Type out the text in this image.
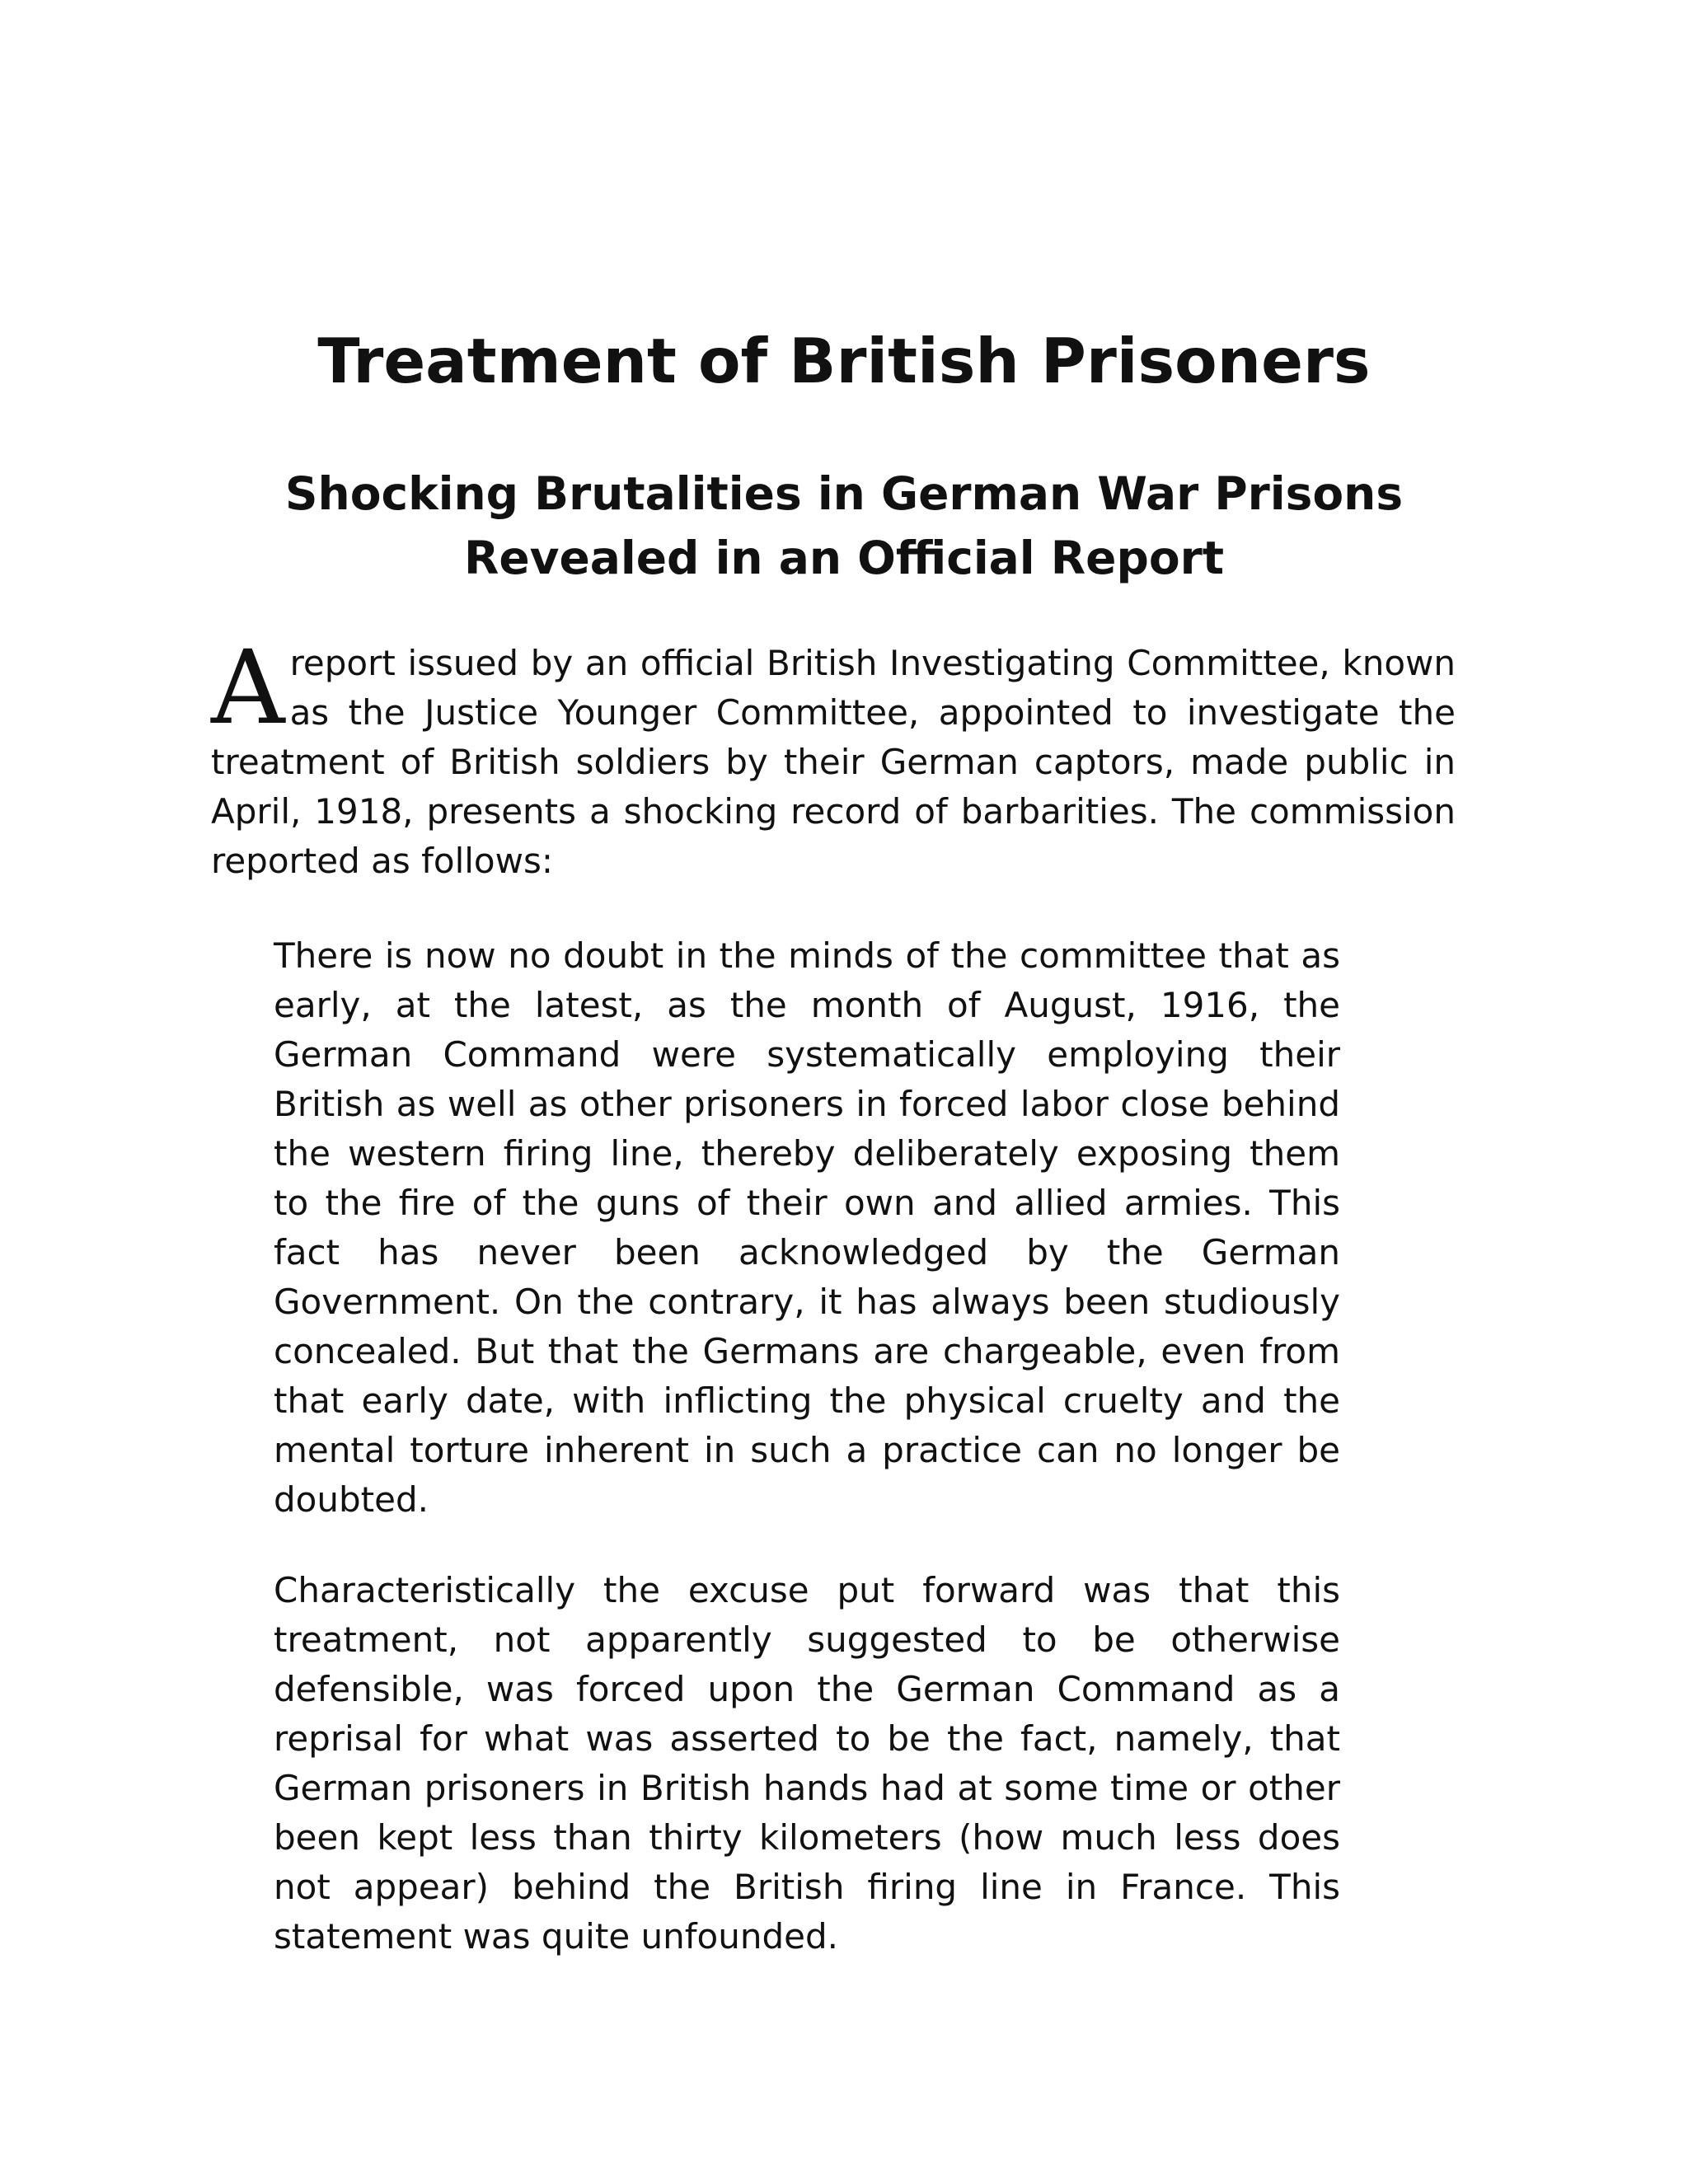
Treatment of British Prisoners
Shocking Brutalities in German War Prisons
Revealed in an Official Report

Areport issued by an official British Investigating Committee, known as the Justice Younger Committee, appointed to investigate the treatment of British soldiers by their German captors, made public in April, 1918, presents a shocking record of barbarities. The commission reported as follows:

There is now no doubt in the minds of the committee that as early, at the latest, as the month of August, 1916, the German Command were systematically employing their British as well as other prisoners in forced labor close behind the western firing line, thereby deliberately exposing them to the fire of the guns of their own and allied armies. This fact has never been acknowledged by the German Government. On the contrary, it has always been studiously concealed. But that the Germans are chargeable, even from that early date, with inflicting the physical cruelty and the mental torture inherent in such a practice can no longer be doubted.

Characteristically the excuse put forward was that this treatment, not apparently suggested to be otherwise defensible, was forced upon the German Command as a reprisal for what was asserted to be the fact, namely, that German prisoners in British hands had at some time or other been kept less than thirty kilometers (how much less does not appear) behind the British firing line in France. This statement was quite unfounded.
